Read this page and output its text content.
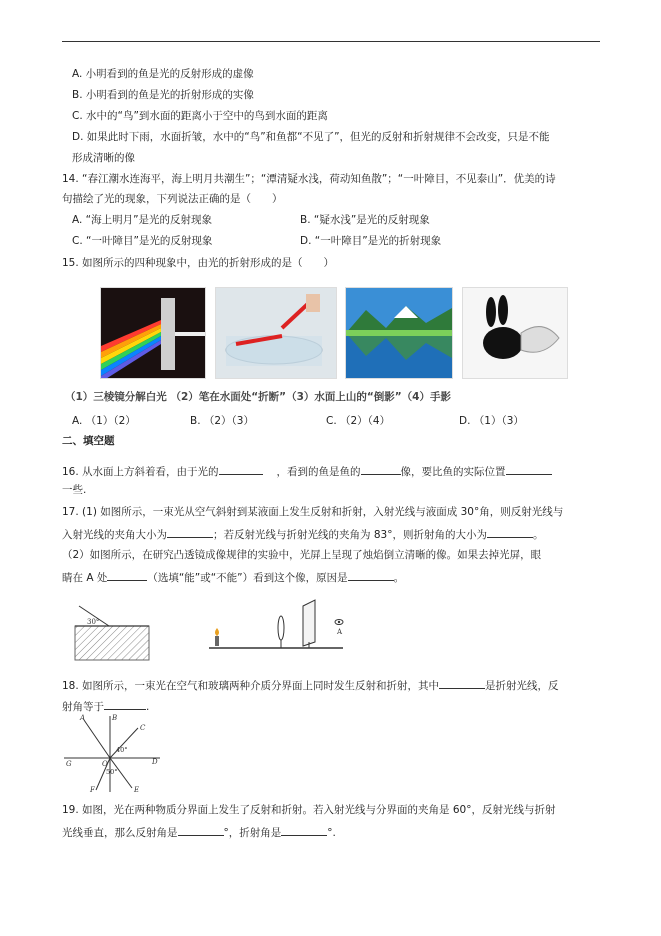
A. 小明看到的鱼是光的反射形成的虚像
B. 小明看到的鱼是光的折射形成的实像
C. 水中的“鸟”到水面的距离小于空中的鸟到水面的距离
D. 如果此时下雨，水面折皱，水中的“鸟”和鱼都“不见了”，但光的反射和折射规律不会改变，只是不能
形成清晰的像
14. “春江潮水连海平，海上明月共潮生”；“潭清疑水浅，荷动知鱼散”；“一叶障目，不见泰山”．优美的诗
句描绘了光的现象，下列说法正确的是（　　）
A. “海上明月”是光的反射现象	B. “疑水浅”是光的反射现象
C. “一叶障目”是光的反射现象	D. “一叶障目”是光的折射现象
15. 如图所示的四种现象中，由光的折射形成的是（　　）
（1）三棱镜分解白光 （2）笔在水面处“折断”（3）水面上山的“倒影”（4）手影
A. （1）（2）	B. （2）（3）	C. （2）（4）	D. （1）（3）
二、填空题
16. 从水面上方斜着看，由于光的	，看到的鱼是鱼的	像，要比鱼的实际位置
一些.
17. (1) 如图所示，一束光从空气斜射到某液面上发生反射和折射，入射光线与液面成 30°角，则反射光线与
入射光线的夹角大小为	；若反射光线与折射光线的夹角为 83°，则折射角的大小为	。
（2）如图所示，在研究凸透镜成像规律的实验中，光屏上呈现了烛焰倒立清晰的像。如果去掉光屏，眼
睛在 A 处	（选填“能”或“不能”）看到这个像，原因是	。
30°
A
18. 如图所示，一束光在空气和玻璃两种介质分界面上同时发生反射和折射，其中	是折射光线，反
射角等于	.
A	B
C
D
E
F
G	O
40°
50°
19. 如图，光在两种物质分界面上发生了反射和折射。若入射光线与分界面的夹角是 60°，反射光线与折射
光线垂直，那么反射角是	°，折射角是	°.
